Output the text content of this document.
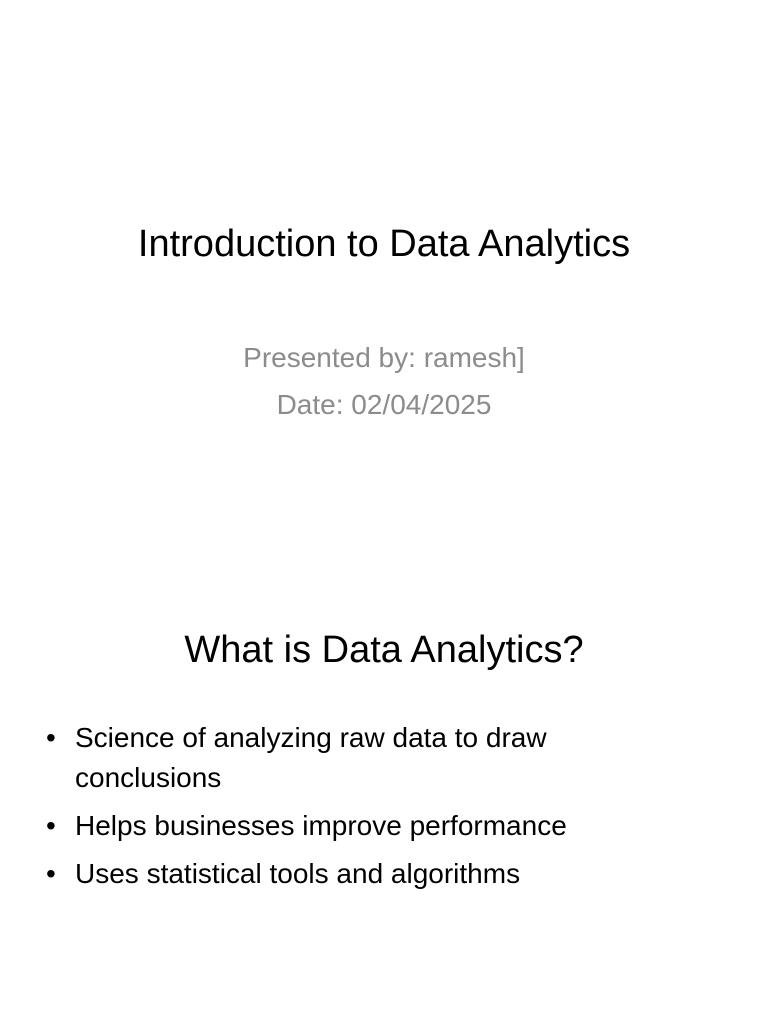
Introduction to Data Analytics
Presented by: ramesh]
Date: 02/04/2025
What is Data Analytics?
• Science of analyzing raw data to draw conclusions
• Helps businesses improve performance
• Uses statistical tools and algorithms
